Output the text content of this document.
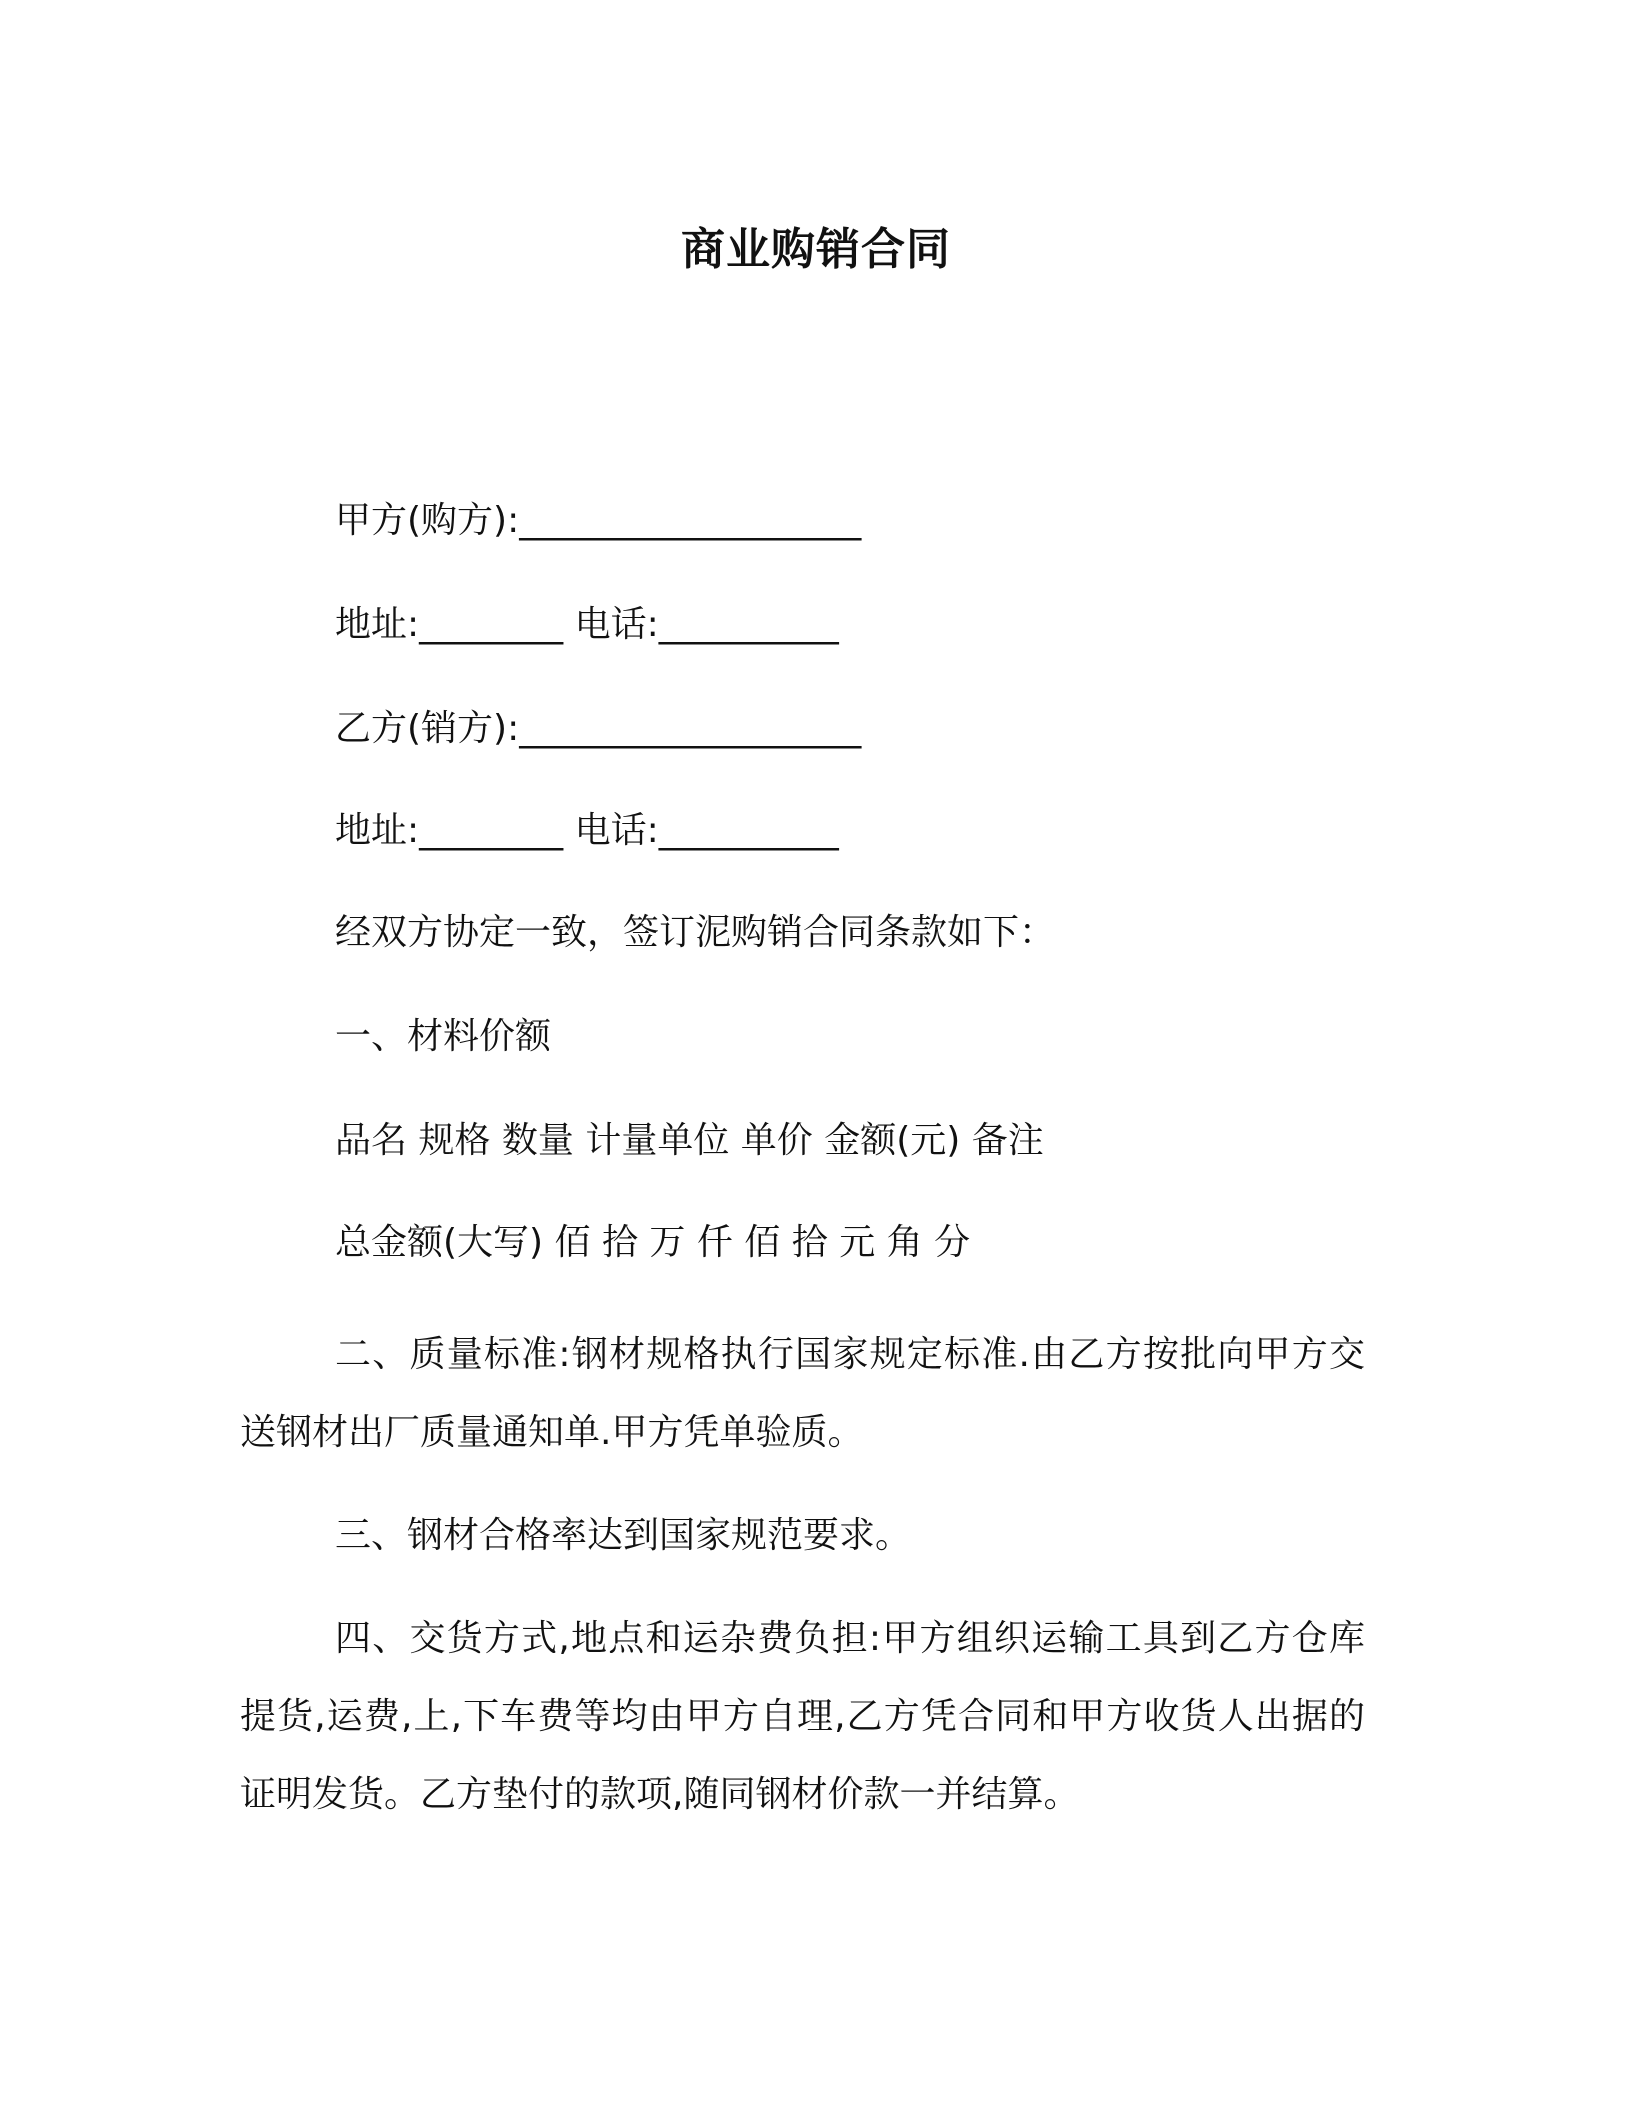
商业购销合同
甲方(购方):___________________
地址:________ 电话:__________
乙方(销方):___________________
地址:________ 电话:__________
经双方协定一致，签订泥购销合同条款如下：
一、材料价额
品名 规格 数量 计量单位 单价 金额(元) 备注
总金额(大写) 佰 拾 万 仟 佰 拾 元 角 分
二、质量标准:钢材规格执行国家规定标准.由乙方按批向甲方交送钢材出厂质量通知单.甲方凭单验质。
三、钢材合格率达到国家规范要求。
四、交货方式,地点和运杂费负担:甲方组织运输工具到乙方仓库提货,运费,上,下车费等均由甲方自理,乙方凭合同和甲方收货人出据的证明发货。乙方垫付的款项,随同钢材价款一并结算。
